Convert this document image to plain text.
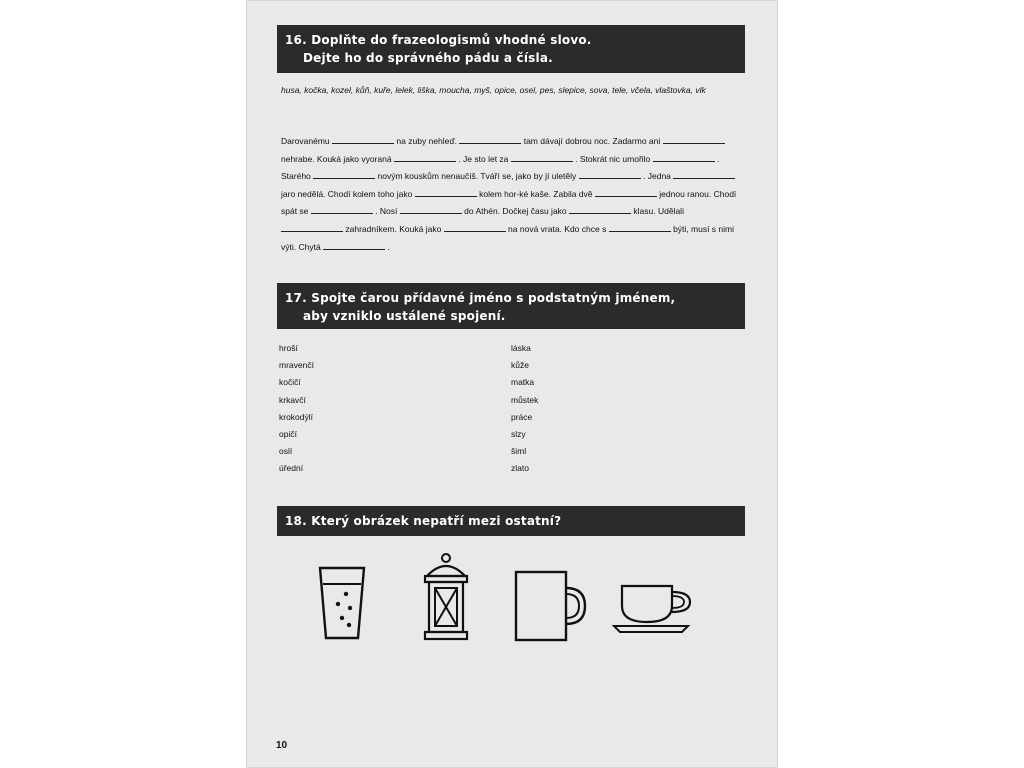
16. Doplňte do frazeologismů vhodné slovo.
Dejte ho do správného pádu a čísla.
husa, kočka, kozel, kůň, kuře, lelek, liška, moucha, myš, opice, osel, pes, slepice, sova, tele, včela, vlaštovka, vlk
Darovanému	na zuby nehleď.	tam dávají dobrou noc. Zadarmo ani  nehrabe. Kouká jako vyoraná	. Je sto let za	. Stokrát nic umořilo	. Starého	novým kouskům nenaučíš. Tváří se, jako by jí uletěly	. Jedna  jaro nedělá. Chodí kolem toho jako	kolem hor-ké kaše. Zabila dvě	jednou ranou. Chodí spát se	. Nosí	do Athén. Dočkej času jako	klasu. Udělali  zahradníkem. Kouká jako	na nová vrata. Kdo chce s	býti, musí s nimi výti. Chytá	.
17. Spojte čarou přídavné jméno s podstatným jménem,
aby vzniklo ustálené spojení.
hroší
mravenčí
kočičí
krkavčí
krokodýlí
opičí
oslí
úřední
láska
kůže
matka
můstek
práce
slzy
šiml
zlato
18. Který obrázek nepatří mezi ostatní?
10
